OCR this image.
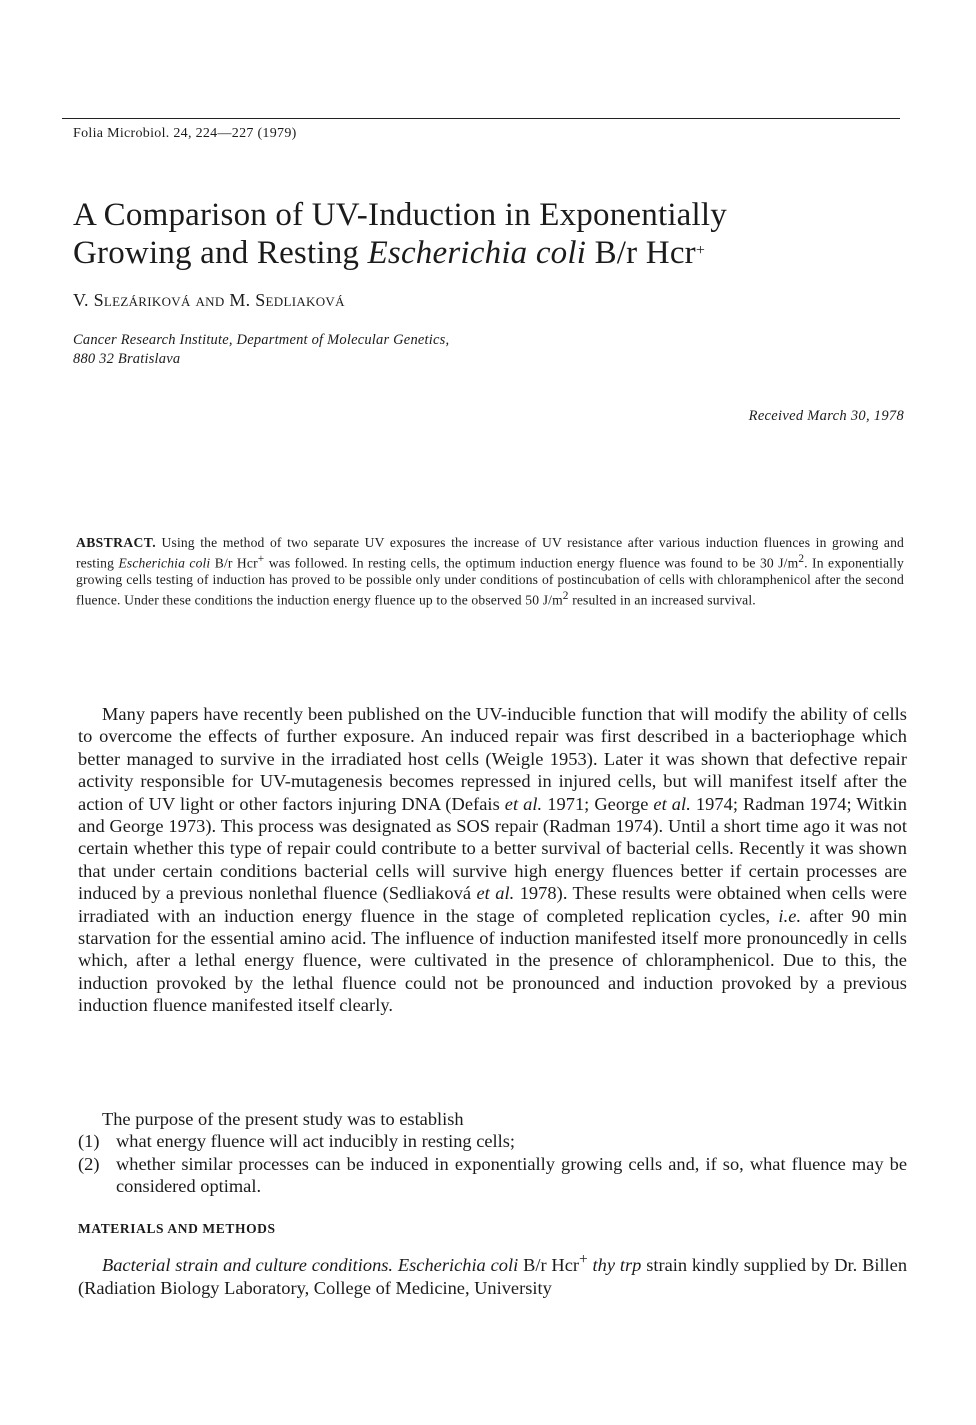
Folia Microbiol. 24, 224—227 (1979)
A Comparison of UV-Induction in Exponentially
Growing and Resting Escherichia coli B/r Hcr+
V. Slezáriková and M. Sedliaková
Cancer Research Institute, Department of Molecular Genetics,
880 32 Bratislava
Received March 30, 1978

ABSTRACT. Using the method of two separate UV exposures the increase of UV resistance after various induction fluences in growing and resting Escherichia coli B/r Hcr+ was followed. In resting cells, the optimum induction energy fluence was found to be 30 $J/m^2$. In exponentially growing cells testing of induction has proved to be possible only under conditions of postincubation of cells with chloramphenicol after the second fluence. Under these conditions the induction energy fluence up to the observed 50 $J/m^2$ resulted in an increased survival.

Many papers have recently been published on the UV-inducible function that will modify the ability of cells to overcome the effects of further exposure. An induced repair was first described in a bacteriophage which better managed to survive in the irradiated host cells (Weigle 1953). Later it was shown that defective repair activity responsible for UV-mutagenesis becomes repressed in injured cells, but will manifest itself after the action of UV light or other factors injuring DNA (Defais et al. 1971; George et al. 1974; Radman 1974; Witkin and George 1973). This process was designated as SOS repair (Radman 1974). Until a short time ago it was not certain whether this type of repair could contribute to a better survival of bacterial cells. Recently it was shown that under certain conditions bacterial cells will survive high energy fluences better if certain processes are induced by a previous nonlethal fluence (Sedliaková et al. 1978). These results were obtained when cells were irradiated with an induction energy fluence in the stage of completed replication cycles, i.e. after 90 min starvation for the essential amino acid. The influence of induction manifested itself more pronouncedly in cells which, after a lethal energy fluence, were cultivated in the presence of chloramphenicol. Due to this, the induction provoked by the lethal fluence could not be pronounced and induction provoked by a previous induction fluence manifested itself clearly.

The purpose of the present study was to establish
(1) what energy fluence will act inducibly in resting cells;
(2) whether similar processes can be induced in exponentially growing cells and, if so, what fluence may be considered optimal.
MATERIALS AND METHODS

Bacterial strain and culture conditions. Escherichia coli B/r Hcr+ thy trp strain kindly supplied by Dr. Billen (Radiation Biology Laboratory, College of Medicine, University
